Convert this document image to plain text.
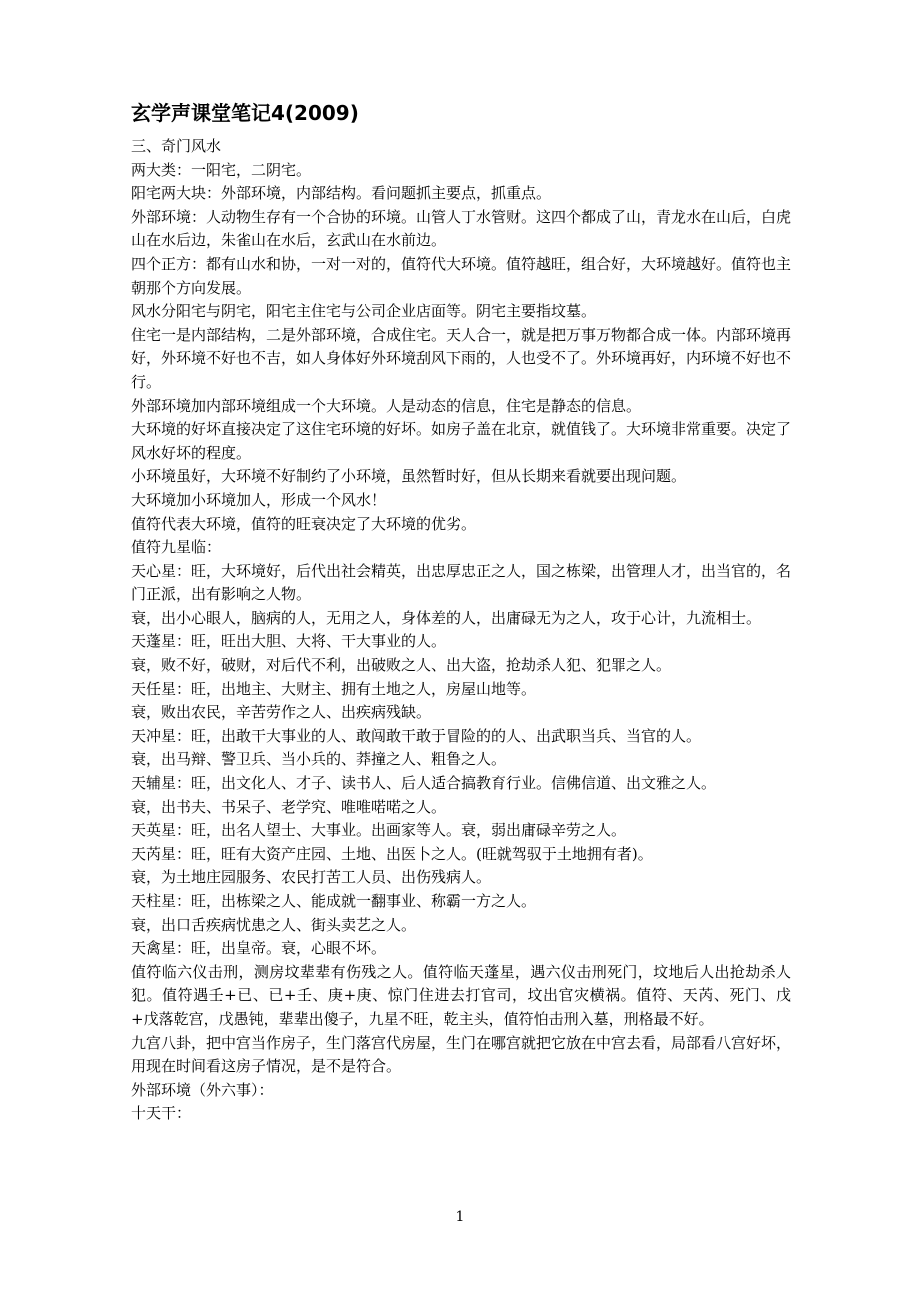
玄学声课堂笔记4(2009)

三、奇门风水

两大类：一阳宅，二阴宅。

阳宅两大块：外部环境，内部结构。看问题抓主要点，抓重点。

外部环境：人动物生存有一个合协的环境。山管人丁水管财。这四个都成了山，青龙水在山后，白虎山在水后边，朱雀山在水后，玄武山在水前边。

四个正方：都有山水和协，一对一对的，值符代大环境。值符越旺，组合好，大环境越好。值符也主朝那个方向发展。

风水分阳宅与阴宅，阳宅主住宅与公司企业店面等。阴宅主要指坟墓。

住宅一是内部结构，二是外部环境，合成住宅。天人合一，就是把万事万物都合成一体。内部环境再好，外环境不好也不吉，如人身体好外环境刮风下雨的，人也受不了。外环境再好，内环境不好也不行。

外部环境加内部环境组成一个大环境。人是动态的信息，住宅是静态的信息。

大环境的好坏直接决定了这住宅环境的好坏。如房子盖在北京，就值钱了。大环境非常重要。决定了风水好坏的程度。

小环境虽好，大环境不好制约了小环境，虽然暂时好，但从长期来看就要出现问题。

大环境加小环境加人，形成一个风水！

值符代表大环境，值符的旺衰决定了大环境的优劣。

值符九星临：

天心星：旺，大环境好，后代出社会精英，出忠厚忠正之人，国之栋梁，出管理人才，出当官的，名门正派，出有影响之人物。

衰，出小心眼人，脑病的人，无用之人，身体差的人，出庸碌无为之人，攻于心计，九流相士。

天蓬星：旺，旺出大胆、大将、干大事业的人。

衰，败不好，破财，对后代不利，出破败之人、出大盗，抢劫杀人犯、犯罪之人。

天任星：旺，出地主、大财主、拥有土地之人，房屋山地等。

衰，败出农民，辛苦劳作之人、出疾病残缺。

天冲星：旺，出敢干大事业的人、敢闯敢干敢于冒险的的人、出武职当兵、当官的人。

衰，出马辩、警卫兵、当小兵的、莽撞之人、粗鲁之人。

天辅星：旺，出文化人、才子、读书人、后人适合搞教育行业。信佛信道、出文雅之人。

衰，出书夫、书呆子、老学究、唯唯喏喏之人。

天英星：旺，出名人望士、大事业。出画家等人。衰，弱出庸碌辛劳之人。

天芮星：旺，旺有大资产庄园、土地、出医卜之人。(旺就驾驭于土地拥有者)。

衰，为土地庄园服务、农民打苦工人员、出伤残病人。

天柱星：旺，出栋梁之人、能成就一翻事业、称霸一方之人。

衰，出口舌疾病忧患之人、街头卖艺之人。

天禽星：旺，出皇帝。衰，心眼不坏。

值符临六仪击刑，测房坟辈辈有伤残之人。值符临天蓬星，遇六仪击刑死门，坟地后人出抢劫杀人犯。值符遇壬+已、已+壬、庚+庚、惊门住进去打官司，坟出官灾横祸。值符、天芮、死门、戊+戊落乾宫，戊愚钝，辈辈出傻子，九星不旺，乾主头，值符怕击刑入墓，刑格最不好。

九宫八卦，把中宫当作房子，生门落宫代房屋，生门在哪宫就把它放在中宫去看，局部看八宫好坏，用现在时间看这房子情况，是不是符合。

外部环境（外六事）：

十天干：

1
